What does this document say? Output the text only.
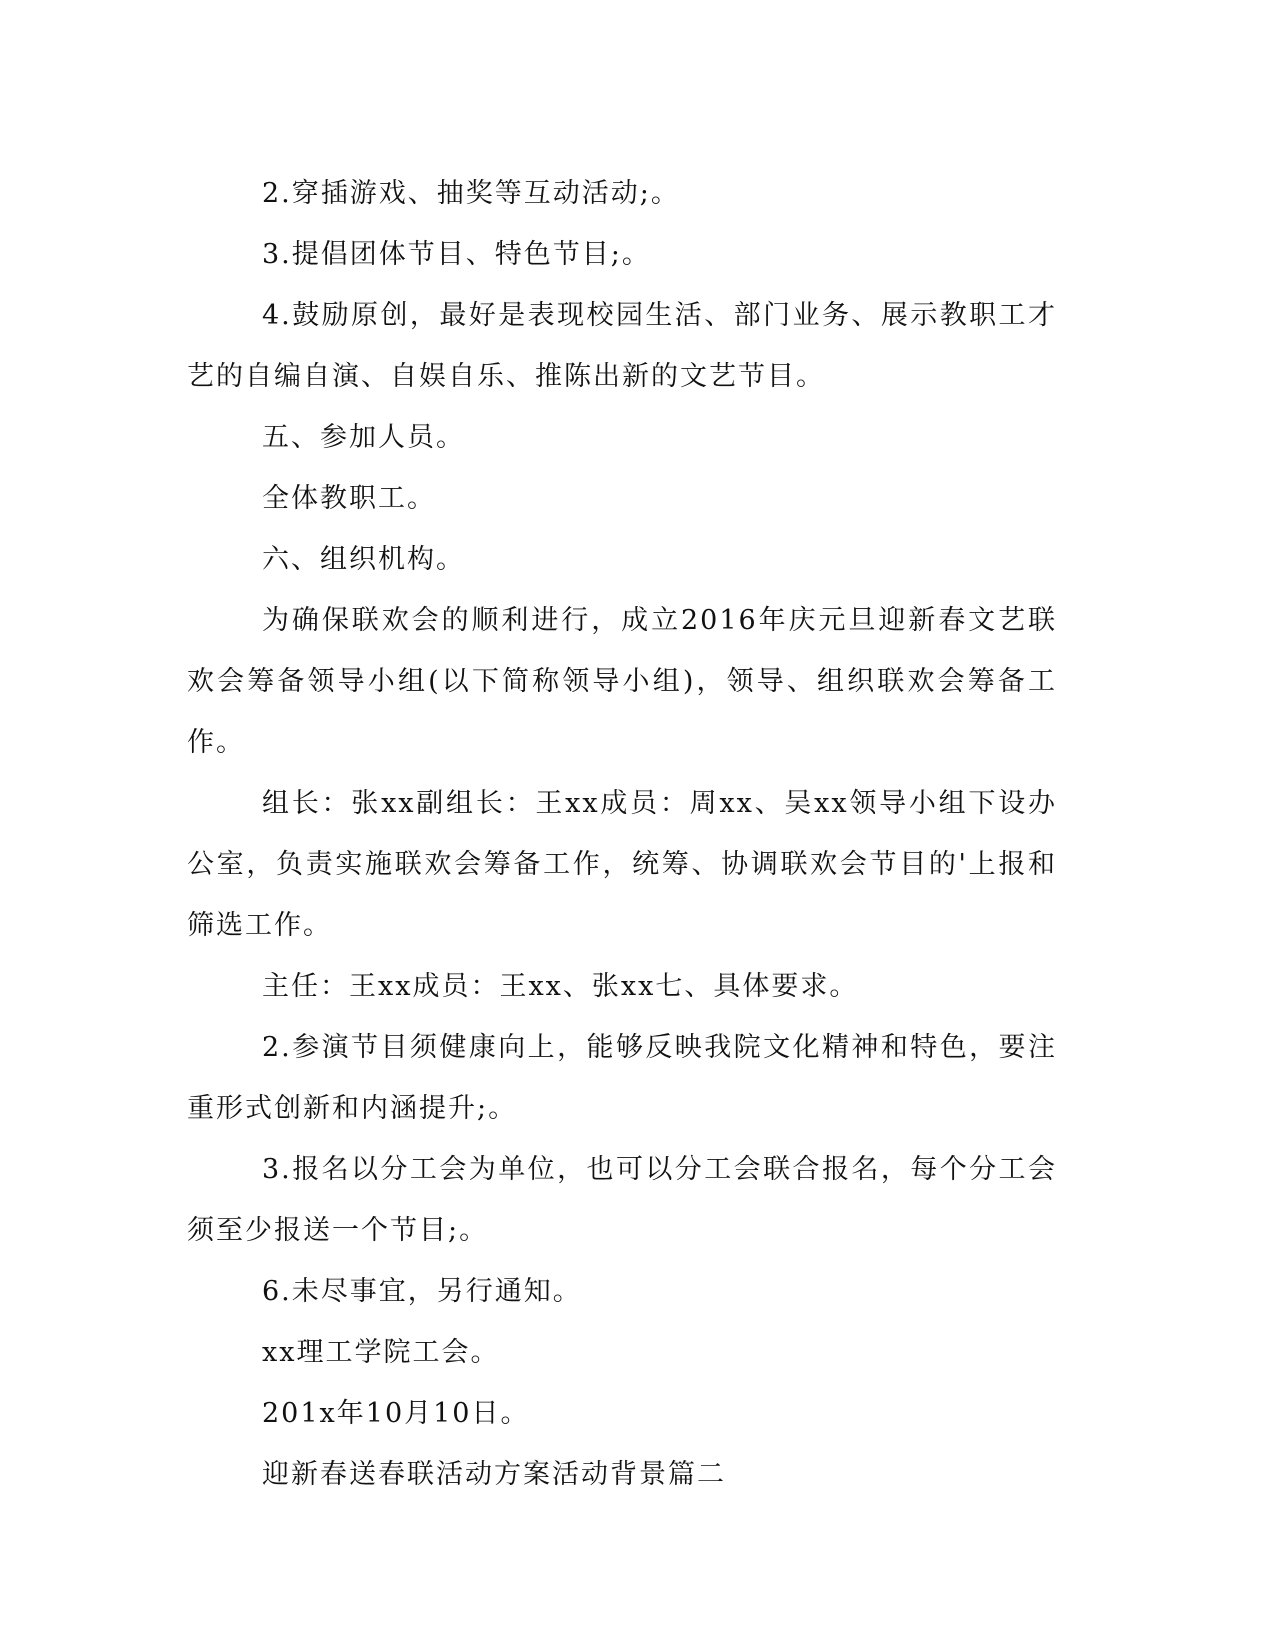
2.穿插游戏、抽奖等互动活动;。

3.提倡团体节目、特色节目;。

4.鼓励原创，最好是表现校园生活、部门业务、展示教职工才艺的自编自演、自娱自乐、推陈出新的文艺节目。

五、参加人员。

全体教职工。

六、组织机构。

为确保联欢会的顺利进行，成立2016年庆元旦迎新春文艺联欢会筹备领导小组(以下简称领导小组)，领导、组织联欢会筹备工作。

组长：张xx副组长：王xx成员：周xx、吴xx领导小组下设办公室，负责实施联欢会筹备工作，统筹、协调联欢会节目的'上报和筛选工作。

主任：王xx成员：王xx、张xx七、具体要求。

2.参演节目须健康向上，能够反映我院文化精神和特色，要注重形式创新和内涵提升;。

3.报名以分工会为单位，也可以分工会联合报名，每个分工会须至少报送一个节目;。

6.未尽事宜，另行通知。

xx理工学院工会。

201x年10月10日。

迎新春送春联活动方案活动背景篇二
